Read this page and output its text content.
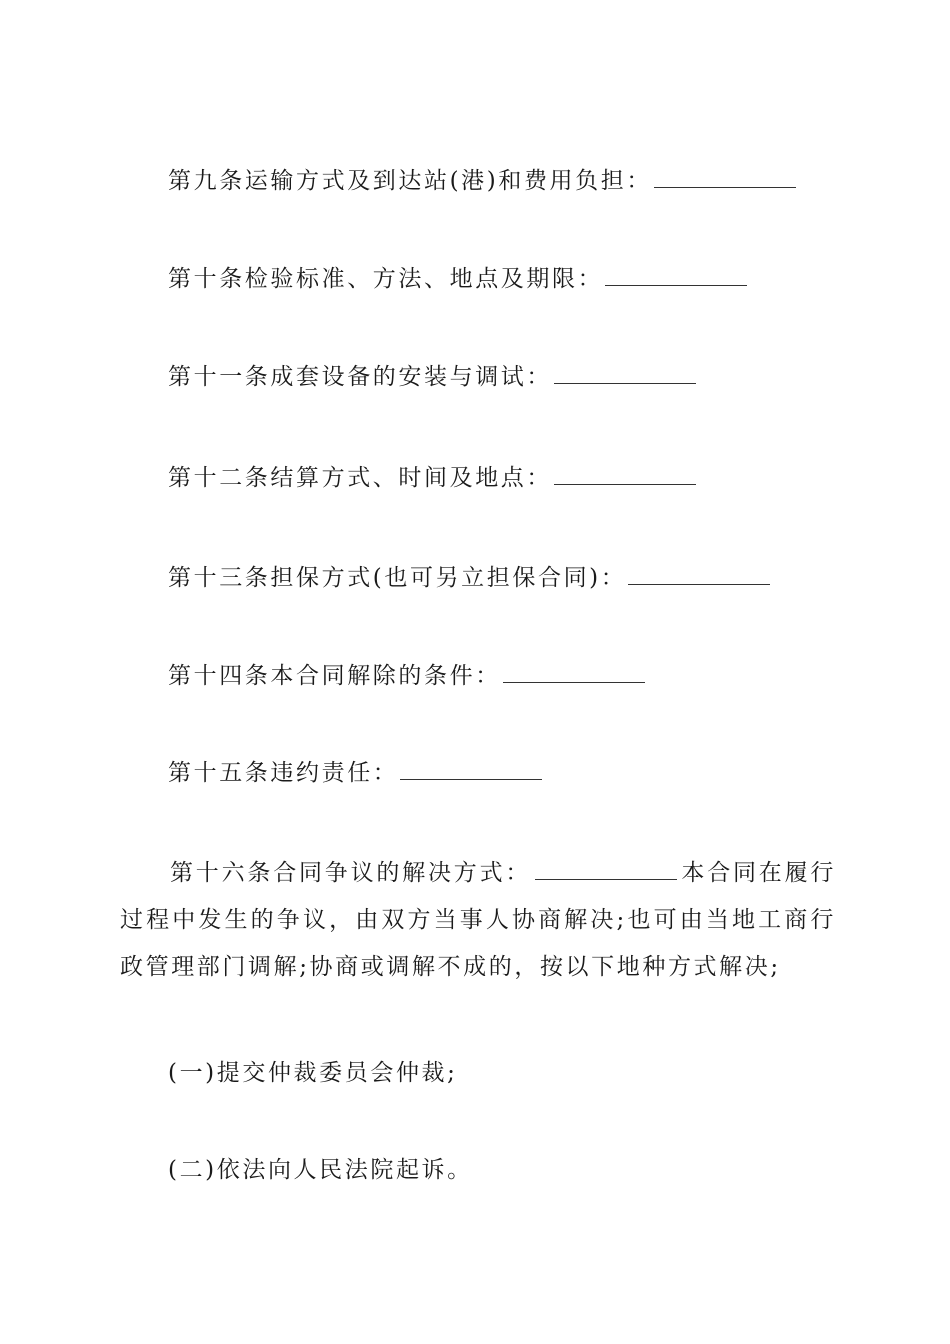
第九条运输方式及到达站(港)和费用负担：
第十条检验标准、方法、地点及期限：
第十一条成套设备的安装与调试：
第十二条结算方式、时间及地点：
第十三条担保方式(也可另立担保合同)：
第十四条本合同解除的条件：
第十五条违约责任：
第十六条合同争议的解决方式：	本合同在履行过程中发生的争议，由双方当事人协商解决;也可由当地工商行政管理部门调解;协商或调解不成的，按以下地种方式解决;
(一)提交仲裁委员会仲裁;
(二)依法向人民法院起诉。
